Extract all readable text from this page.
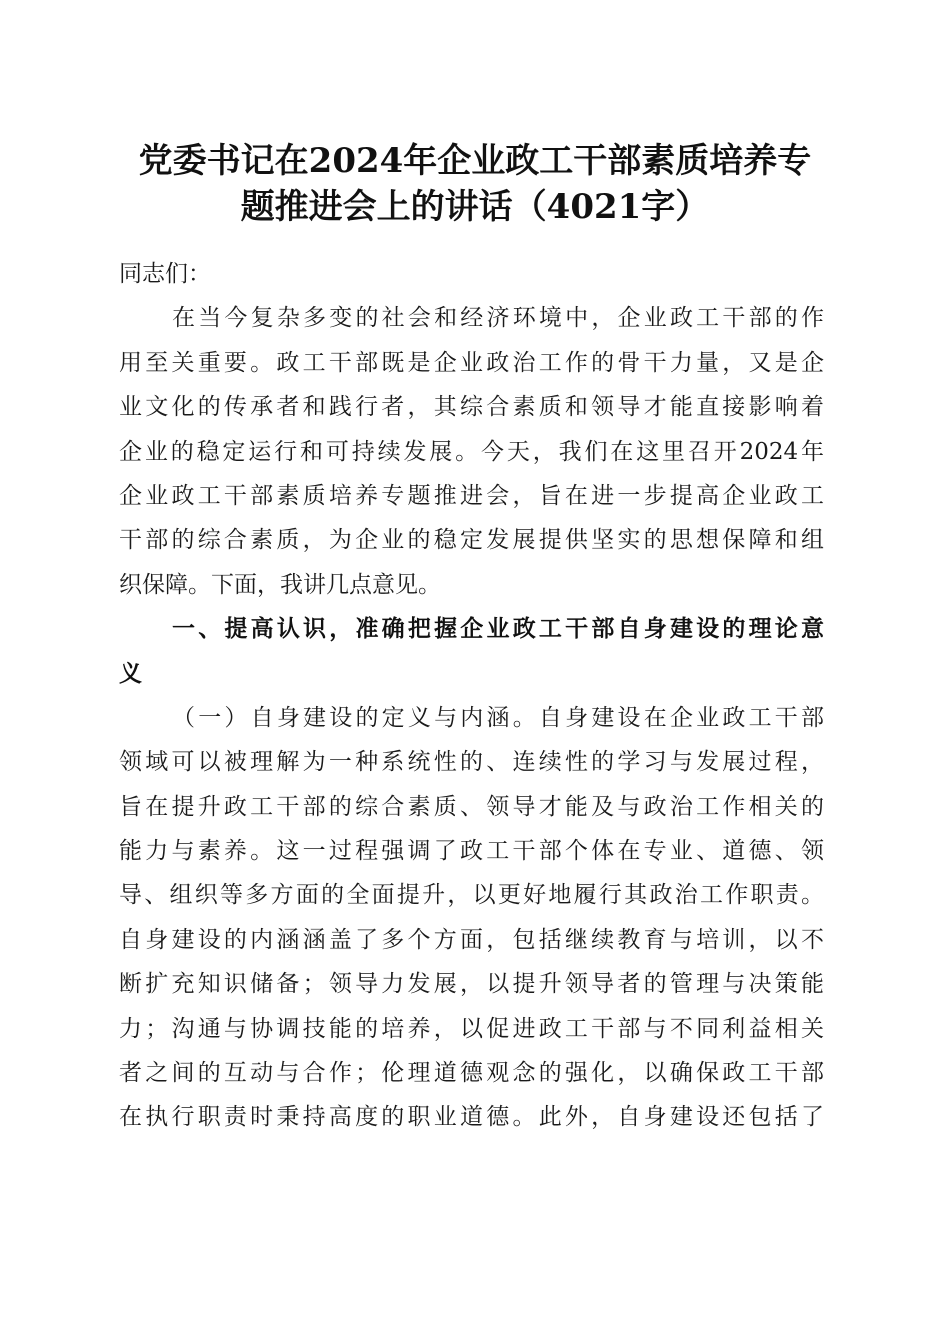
党委书记在2024年企业政工干部素质培养专
题推进会上的讲话（4021字）
同志们：
在当今复杂多变的社会和经济环境中，企业政工干部的作
用至关重要。政工干部既是企业政治工作的骨干力量，又是企
业文化的传承者和践行者，其综合素质和领导才能直接影响着
企业的稳定运行和可持续发展。今天，我们在这里召开2024年
企业政工干部素质培养专题推进会，旨在进一步提高企业政工
干部的综合素质，为企业的稳定发展提供坚实的思想保障和组
织保障。下面，我讲几点意见。
一、提高认识，准确把握企业政工干部自身建设的理论意
义
（一）自身建设的定义与内涵。自身建设在企业政工干部
领域可以被理解为一种系统性的、连续性的学习与发展过程，
旨在提升政工干部的综合素质、领导才能及与政治工作相关的
能力与素养。这一过程强调了政工干部个体在专业、道德、领
导、组织等多方面的全面提升，以更好地履行其政治工作职责。
自身建设的内涵涵盖了多个方面，包括继续教育与培训，以不
断扩充知识储备；领导力发展，以提升领导者的管理与决策能
力；沟通与协调技能的培养，以促进政工干部与不同利益相关
者之间的互动与合作；伦理道德观念的强化，以确保政工干部
在执行职责时秉持高度的职业道德。此外，自身建设还包括了
